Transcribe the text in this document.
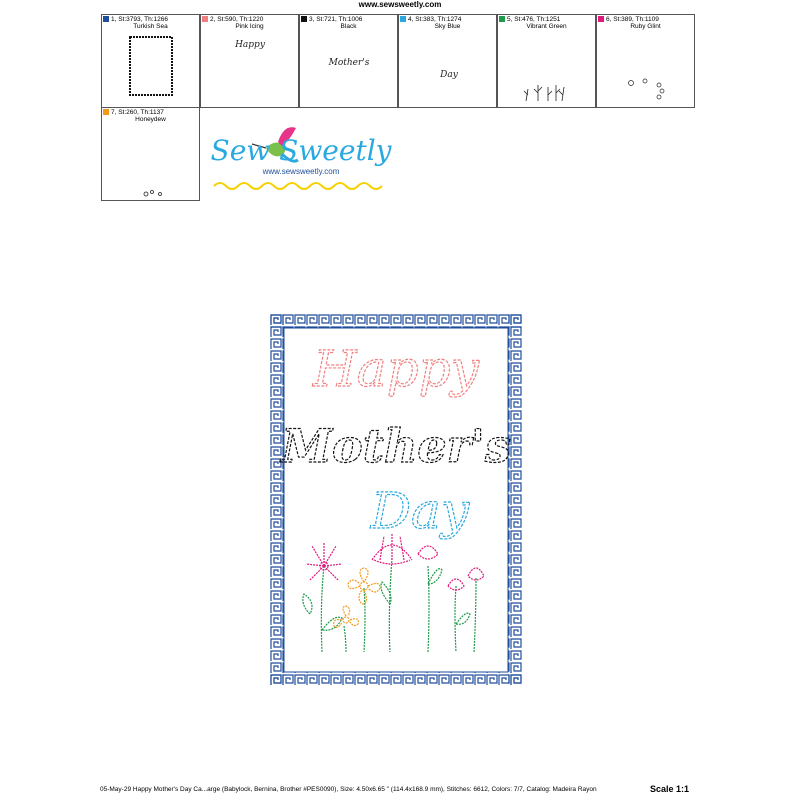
www.sewsweetly.com
1, St:3793, Th:1266
Turkish Sea
2, St:590, Th:1220
Pink Icing
Happy
3, St:721, Th:1006
Black
Mother's
4, St:383, Th:1274
Sky Blue
Day
5, St:476, Th:1251
Vibrant Green
6, St:389, Th:1109
Ruby Glint
7, St:260, Th:1137
Honeydew
Sew Sweetly
www.sewsweetly.com
Happy
Mother's
Day
05-May-29 Happy Mother's Day Ca...arge (Babylock, Bernina, Brother #PES0090), Size: 4.50x6.65 " (114.4x168.9 mm), Stitches: 6612, Colors: 7/7, Catalog: Madeira Rayon	Scale 1:1
